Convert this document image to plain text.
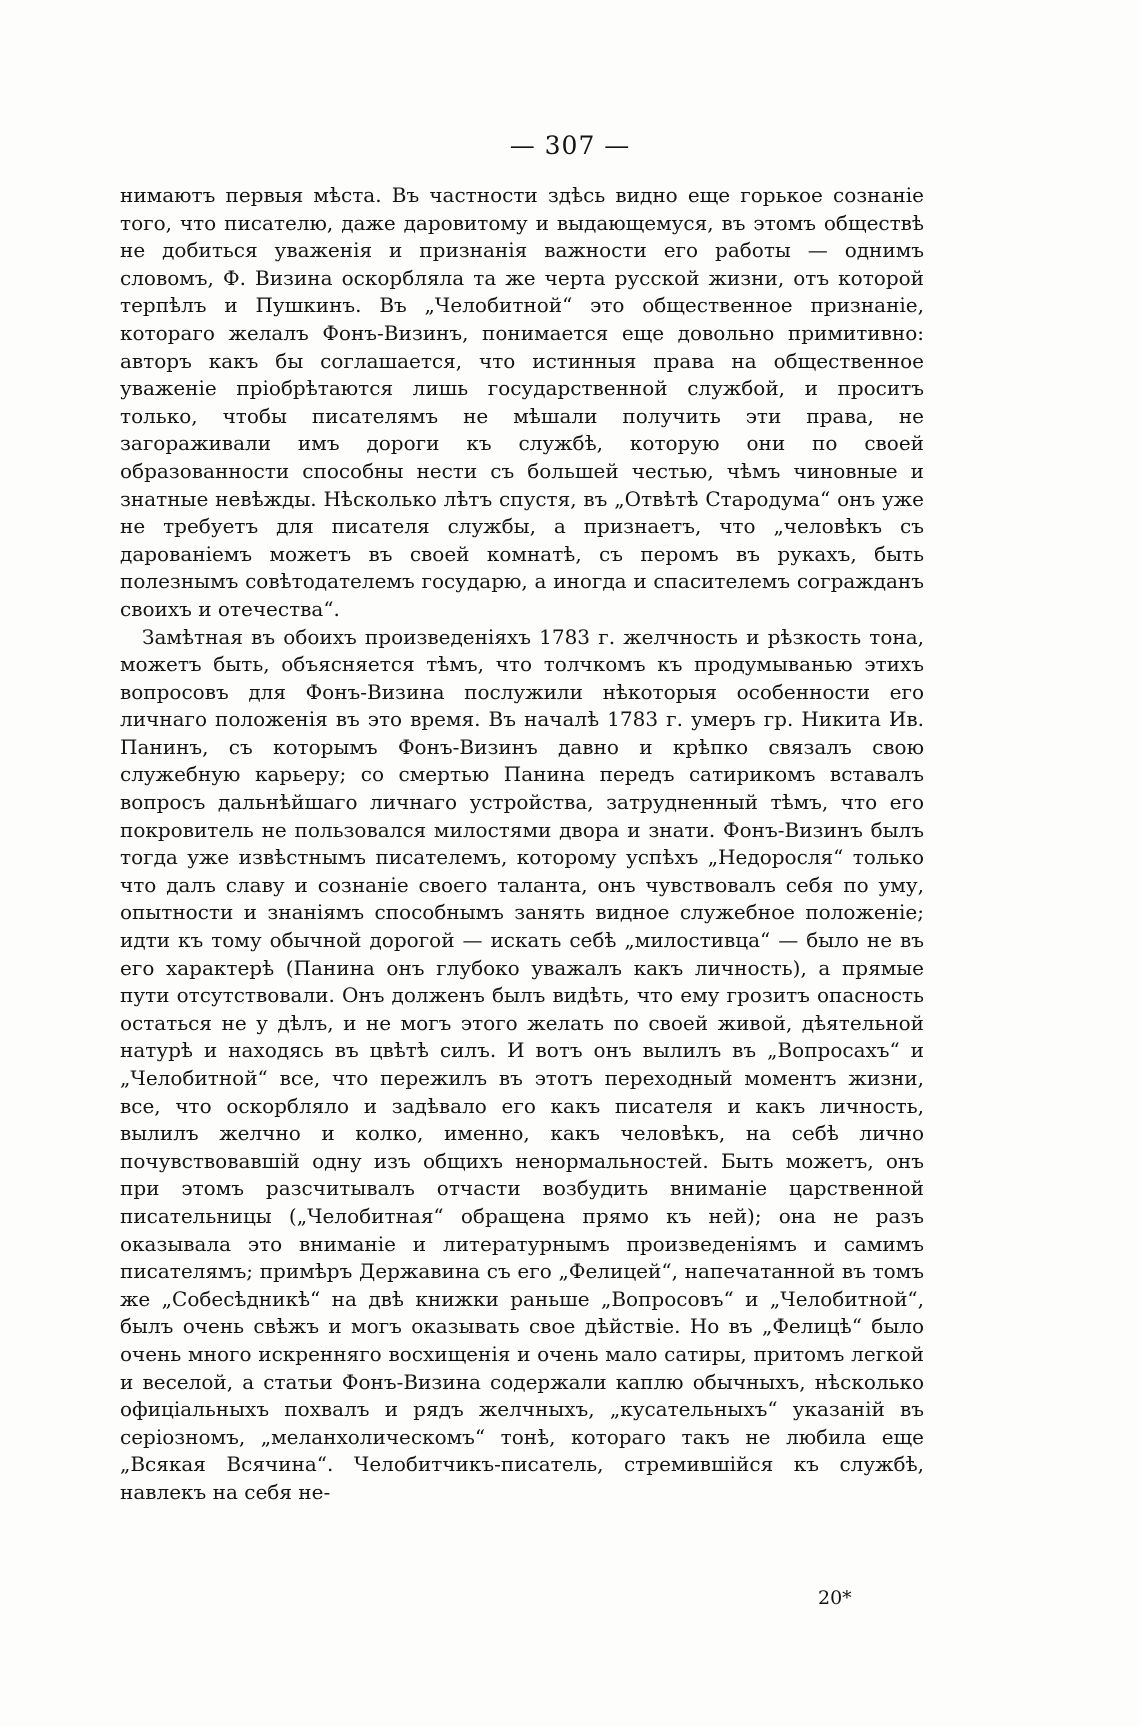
— 307 —

нимаютъ первыя мѣста. Въ частности здѣсь видно еще горькое сознаніе того, что писателю, даже даровитому и выдающемуся, въ этомъ обществѣ не добиться уваженія и признанія важности его работы — однимъ словомъ, Ф. Визина оскорбляла та же черта русской жизни, отъ которой терпѣлъ и Пушкинъ. Въ „Челобитной“ это общественное признаніе, котораго желалъ Фонъ-Визинъ, понимается еще довольно примитивно: авторъ какъ бы соглашается, что истинныя права на общественное уваженіе пріобрѣтаются лишь государственной службой, и проситъ только, чтобы писателямъ не мѣшали получить эти права, не загораживали имъ дороги къ службѣ, которую они по своей образованности способны нести съ большей честью, чѣмъ чиновные и знатные невѣжды. Нѣсколько лѣтъ спустя, въ „Отвѣтѣ Стародума“ онъ уже не требуетъ для писателя службы, а признаетъ, что „человѣкъ съ дарованіемъ можетъ въ своей комнатѣ, съ перомъ въ рукахъ, быть полезнымъ совѣтодателемъ государю, а иногда и спасителемъ согражданъ своихъ и отечества“.

Замѣтная въ обоихъ произведеніяхъ 1783 г. желчность и рѣзкость тона, можетъ быть, объясняется тѣмъ, что толчкомъ къ продумыванью этихъ вопросовъ для Фонъ-Визина послужили нѣкоторыя особенности его личнаго положенія въ это время. Въ началѣ 1783 г. умеръ гр. Никита Ив. Панинъ, съ которымъ Фонъ-Визинъ давно и крѣпко связалъ свою служебную карьеру; со смертью Панина передъ сатирикомъ вставалъ вопросъ дальнѣйшаго личнаго устройства, затрудненный тѣмъ, что его покровитель не пользовался милостями двора и знати. Фонъ-Визинъ былъ тогда уже извѣстнымъ писателемъ, которому успѣхъ „Недоросля“ только что далъ славу и сознаніе своего таланта, онъ чувствовалъ себя по уму, опытности и знаніямъ способнымъ занять видное служебное положеніе; идти къ тому обычной дорогой — искать себѣ „милостивца“ — было не въ его характерѣ (Панина онъ глубоко уважалъ какъ личность), а прямые пути отсутствовали. Онъ долженъ былъ видѣть, что ему грозитъ опасность остаться не у дѣлъ, и не могъ этого желать по своей живой, дѣятельной натурѣ и находясь въ цвѣтѣ силъ. И вотъ онъ вылилъ въ „Вопросахъ“ и „Челобитной“ все, что пережилъ въ этотъ переходный моментъ жизни, все, что оскорбляло и задѣвало его какъ писателя и какъ личность, вылилъ желчно и колко, именно, какъ человѣкъ, на себѣ лично почувствовавшій одну изъ общихъ ненормальностей. Быть можетъ, онъ при этомъ разсчитывалъ отчасти возбудить вниманіе царственной писательницы („Челобитная“ обращена прямо къ ней); она не разъ оказывала это вниманіе и литературнымъ произведеніямъ и самимъ писателямъ; примѣръ Державина съ его „Фелицей“, напечатанной въ томъ же „Собесѣдникѣ“ на двѣ книжки раньше „Вопросовъ“ и „Челобитной“, былъ очень свѣжъ и могъ оказывать свое дѣйствіе. Но въ „Фелицѣ“ было очень много искренняго восхищенія и очень мало сатиры, притомъ легкой и веселой, а статьи Фонъ-Визина содержали каплю обычныхъ, нѣсколько офиціальныхъ похвалъ и рядъ желчныхъ, „кусательныхъ“ указаній въ серіозномъ, „меланхолическомъ“ тонѣ, котораго такъ не любила еще „Всякая Всячина“. Челобитчикъ-писатель, стремившійся къ службѣ, навлекъ на себя не-

20*
